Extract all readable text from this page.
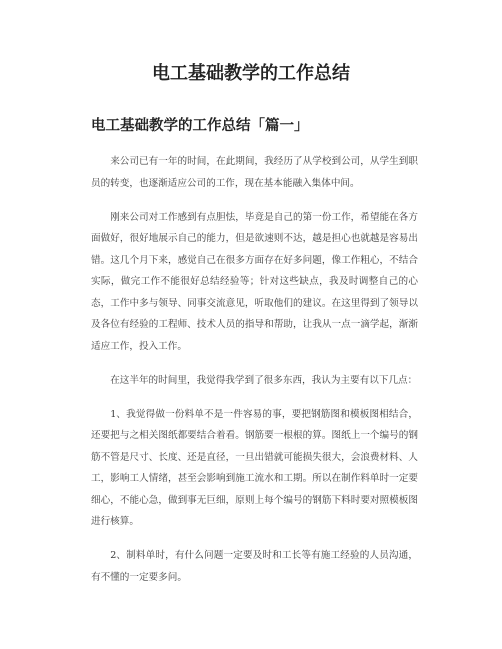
电工基础教学的工作总结
电工基础教学的工作总结「篇一」

来公司已有一年的时间，在此期间，我经历了从学校到公司，从学生到职员的转变，也逐渐适应公司的工作，现在基本能融入集体中间。

刚来公司对工作感到有点胆怯，毕竟是自己的第一份工作，希望能在各方面做好，很好地展示自己的能力，但是欲速则不达，越是担心也就越是容易出错。这几个月下来，感觉自己在很多方面存在好多问题，像工作粗心，不结合实际，做完工作不能很好总结经验等；针对这些缺点，我及时调整自己的心态，工作中多与领导、同事交流意见，听取他们的建议。在这里得到了领导以及各位有经验的工程师、技术人员的指导和帮助，让我从一点一滴学起，渐渐适应工作，投入工作。

在这半年的时间里，我觉得我学到了很多东西，我认为主要有以下几点：

1、我觉得做一份料单不是一件容易的事，要把钢筋图和模板图相结合，还要把与之相关图纸都要结合着看。钢筋要一根根的算。图纸上一个编号的钢筋不管是尺寸、长度、还是直径，一旦出错就可能损失很大，会浪费材料、人工，影响工人情绪，甚至会影响到施工流水和工期。所以在制作料单时一定要细心，不能心急，做到事无巨细，原则上每个编号的钢筋下料时要对照模板图进行核算。

2、制料单时，有什么问题一定要及时和工长等有施工经验的人员沟通，有不懂的一定要多问。
